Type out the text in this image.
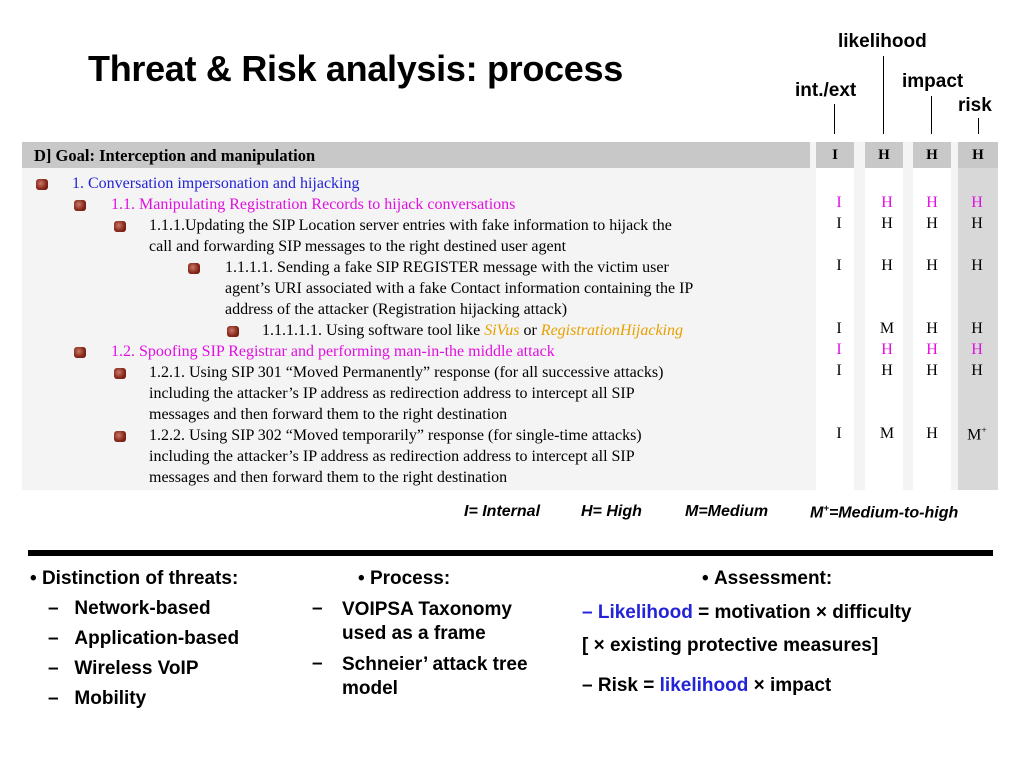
Threat & Risk analysis: process
likelihood
int./ext impact
risk
D] Goal: Interception and manipulation	I	H H H
1. Conversation impersonation and hijacking
1.1. Manipulating Registration Records to hijack conversations	I	H H H
1.1.1.Updating the SIP Location server entries with fake information to hijack the
call and forwarding SIP messages to the right destined user agent
I	H H H
1.1.1.1. Sending a fake SIP REGISTER message with the victim user
agent’s URI associated with a fake Contact information containing the IP
address of the attacker (Registration hijacking attack)
I	H H H
1.1.1.1.1. Using software tool like SiVus or RegistrationHijacking	I	M H H
1.2. Spoofing SIP Registrar and performing man-in-the middle attack	I	H H H
1.2.1. Using SIP 301 “Moved Permanently” response (for all successive attacks)
including the attacker’s IP address as redirection address to intercept all SIP
messages and then forward them to the right destination
I	H H H
1.2.2. Using SIP 302 “Moved temporarily” response (for single-time attacks)
including the attacker’s IP address as redirection address to intercept all SIP
messages and then forward them to the right destination
I	M H M+
I= Internal	H= High	M=Medium	M+=Medium-to-high
• Distinction of threats:
–   Network-based
–   Application-based
–   Wireless VoIP
–   Mobility
• Process:
– VOIPSA Taxonomy used as a frame
– Schneier’ attack tree model
• Assessment:
– Likelihood = motivation × difficulty
[ × existing protective measures]
– Risk = likelihood × impact
